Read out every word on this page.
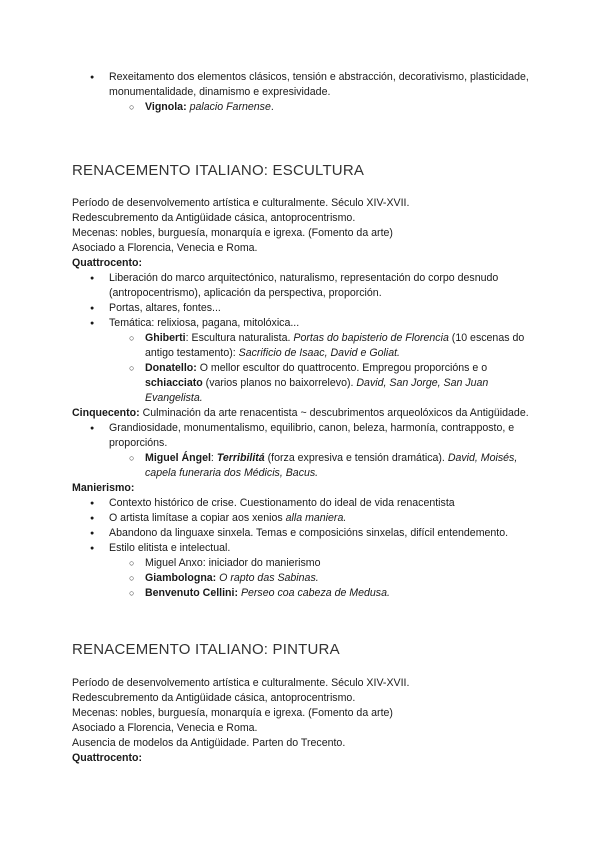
● Rexeitamento dos elementos clásicos, tensión e abstracción, decorativismo, plasticidade, monumentalidade, dinamismo e expresividade.

○ Vignola: palacio Farnense.

RENACEMENTO ITALIANO: ESCULTURA

Período de desenvolvemento artística e culturalmente. Século XIV-XVII.

Redescubremento da Antigüidade cásica, antoprocentrismo.

Mecenas: nobles, burguesía, monarquía e igrexa. (Fomento da arte)

Asociado a Florencia, Venecia e Roma.

Quattrocento:

● Liberación do marco arquitectónico, naturalismo, representación do corpo desnudo (antropocentrismo), aplicación da perspectiva, proporción.

● Portas, altares, fontes...

● Temática: relixiosa, pagana, mitolóxica...

○ Ghiberti: Escultura naturalista. Portas do bapisterio de Florencia (10 escenas do antigo testamento): Sacrificio de Isaac, David e Goliat.

○ Donatello: O mellor escultor do quattrocento. Empregou proporcións e o schiacciato (varios planos no baixorrelevo). David, San Jorge, San Juan Evangelista.

Cinquecento: Culminación da arte renacentista ~ descubrimentos arqueolóxicos da Antigüidade.

● Grandiosidade, monumentalismo, equilibrio, canon, beleza, harmonía, contrapposto, e proporcións.

○ Miguel Ángel: Terribilitá (forza expresiva e tensión dramática). David, Moisés, capela funeraria dos Médicis, Bacus.

Manierismo:

● Contexto histórico de crise. Cuestionamento do ideal de vida renacentista

● O artista limítase a copiar aos xenios alla maniera.

● Abandono da linguaxe sinxela. Temas e composicións sinxelas, difícil entendemento.

● Estilo elitista e intelectual.

○ Miguel Anxo: iniciador do manierismo

○ Giambologna: O rapto das Sabinas.

○ Benvenuto Cellini: Perseo coa cabeza de Medusa.

RENACEMENTO ITALIANO: PINTURA

Período de desenvolvemento artística e culturalmente. Século XIV-XVII.

Redescubremento da Antigüidade cásica, antoprocentrismo.

Mecenas: nobles, burguesía, monarquía e igrexa. (Fomento da arte)

Asociado a Florencia, Venecia e Roma.

Ausencia de modelos da Antigüidade. Parten do Trecento.

Quattrocento:
